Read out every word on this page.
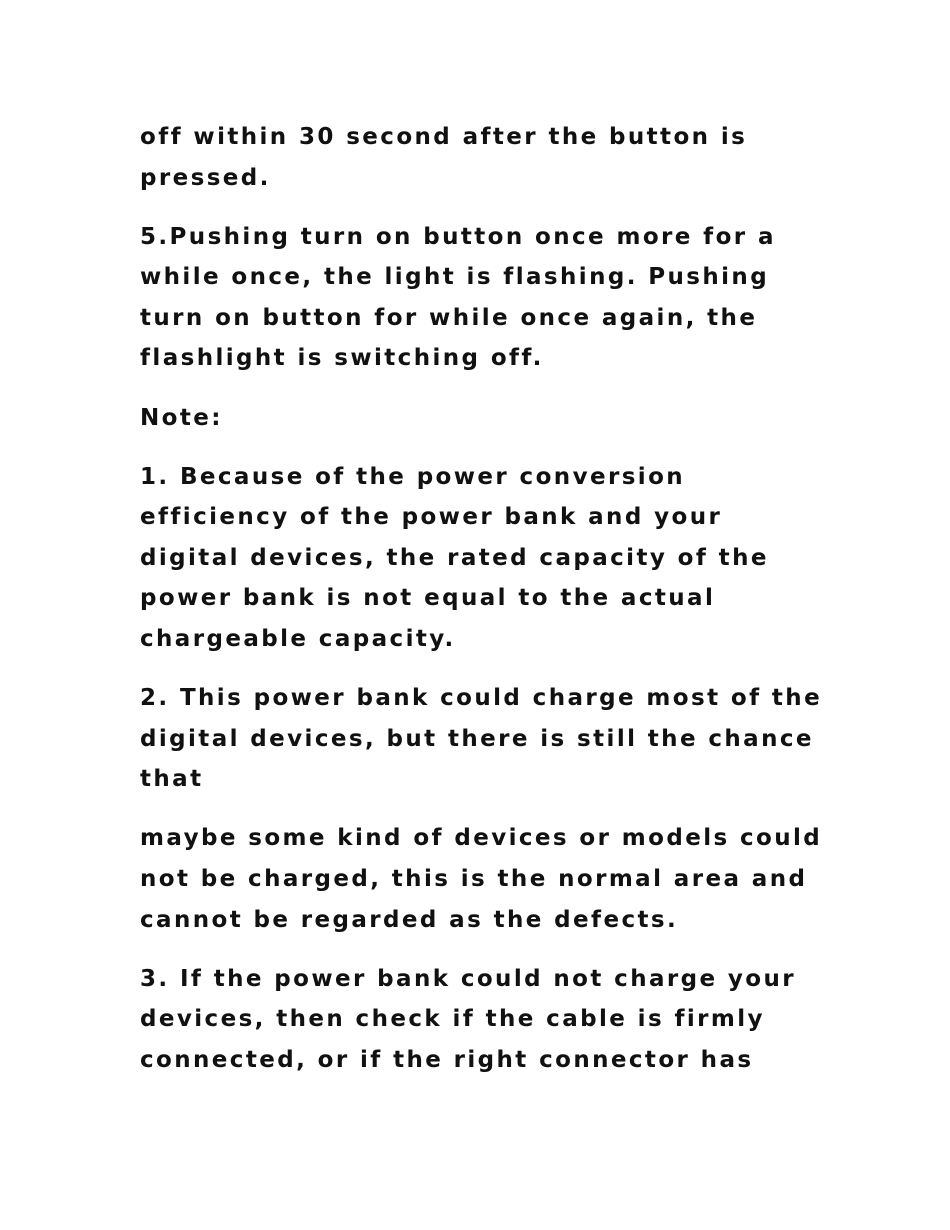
off within 30 second after the button is
pressed.

5.Pushing turn on button once more for a
while once, the light is flashing. Pushing
turn on button for while once again, the
flashlight is switching off.

Note:

1. Because of the power conversion
efficiency of the power bank and your
digital devices, the rated capacity of the
power bank is not equal to the actual
chargeable capacity.

2. This power bank could charge most of the
digital devices, but there is still the chance
that

maybe some kind of devices or models could
not be charged, this is the normal area and
cannot be regarded as the defects.

3. If the power bank could not charge your
devices, then check if the cable is firmly
connected, or if the right connector has
